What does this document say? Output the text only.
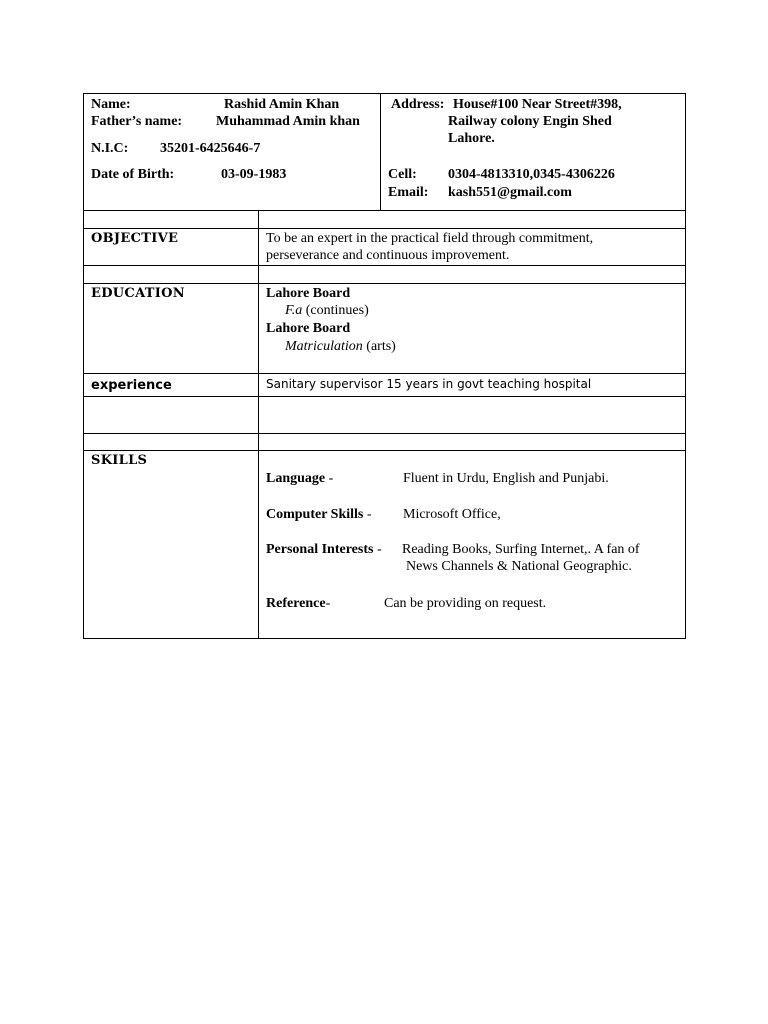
Name:	Rashid Amin Khan
Father’s name: Muhammad Amin khan
N.I.C: 35201-6425646-7
Date of Birth:	03-09-1983
Address: House#100 Near Street#398,
Railway colony Engin Shed
Lahore.
Cell: 0304-4813310,0345-4306226
Email: kash551@gmail.com
OBJECTIVE	To be an expert in the practical field through commitment,
perseverance and continuous improvement.
EDUCATION	Lahore Board
F.a (continues)
Lahore Board
Matriculation (arts)
experience	Sanitary supervisor 15 years in govt teaching hospital
SKILLS
Language -	Fluent in Urdu, English and Punjabi.
Computer Skills - Microsoft Office,
Personal Interests - Reading Books, Surfing Internet,. A fan of
News Channels & National Geographic.
Reference-	Can be providing on request.
